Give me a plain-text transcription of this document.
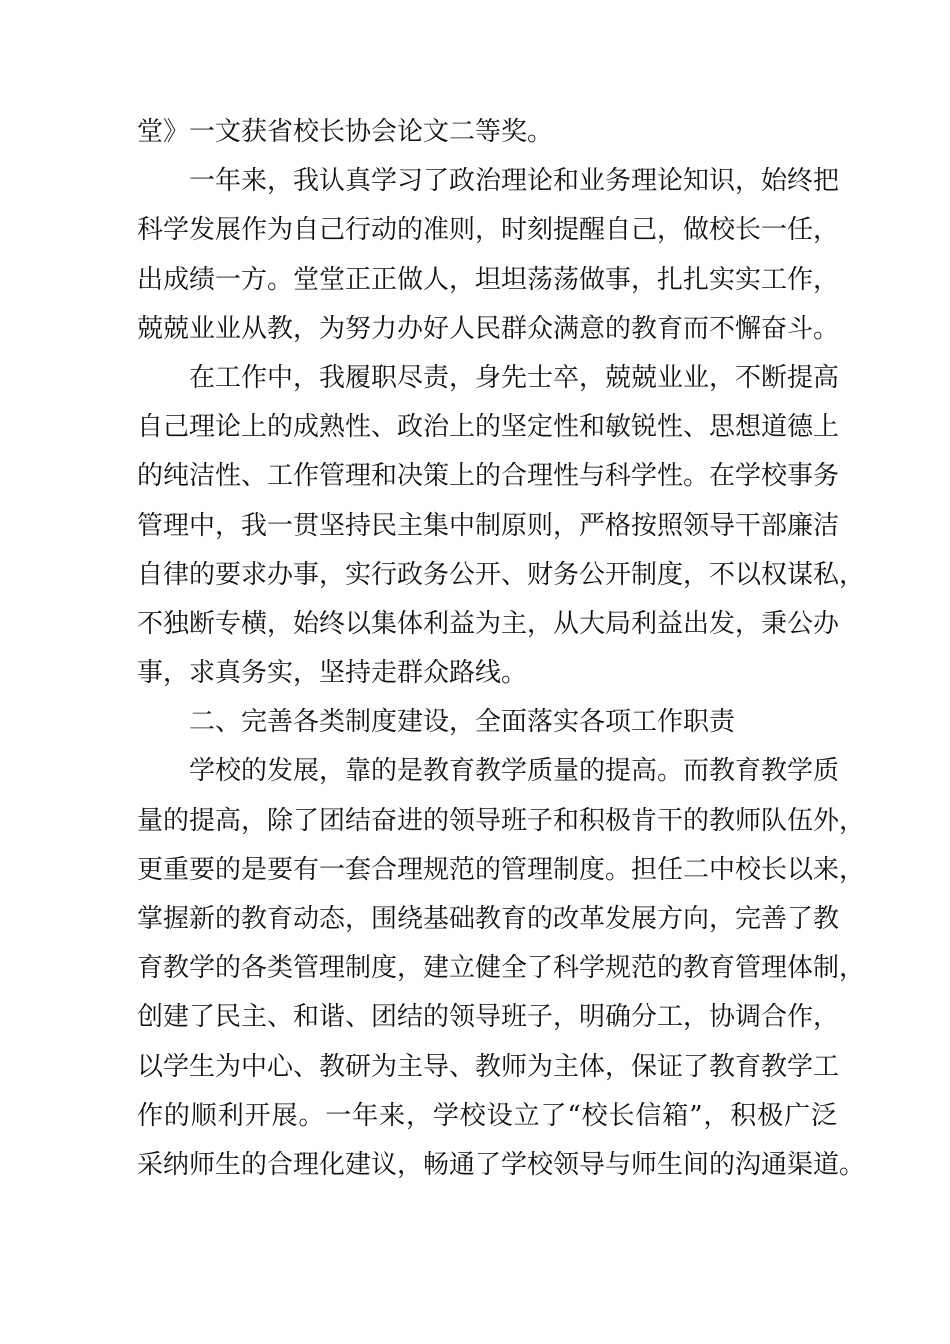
堂》一文获省校长协会论文二等奖。
一年来，我认真学习了政治理论和业务理论知识，始终把
科学发展作为自己行动的准则，时刻提醒自己，做校长一任，
出成绩一方。堂堂正正做人，坦坦荡荡做事，扎扎实实工作，
兢兢业业从教，为努力办好人民群众满意的教育而不懈奋斗。
在工作中，我履职尽责，身先士卒，兢兢业业，不断提高
自己理论上的成熟性、政治上的坚定性和敏锐性、思想道德上
的纯洁性、工作管理和决策上的合理性与科学性。在学校事务
管理中，我一贯坚持民主集中制原则，严格按照领导干部廉洁
自律的要求办事，实行政务公开、财务公开制度，不以权谋私，
不独断专横，始终以集体利益为主，从大局利益出发，秉公办
事，求真务实，坚持走群众路线。
二、完善各类制度建设，全面落实各项工作职责
学校的发展，靠的是教育教学质量的提高。而教育教学质
量的提高，除了团结奋进的领导班子和积极肯干的教师队伍外，
更重要的是要有一套合理规范的管理制度。担任二中校长以来，
掌握新的教育动态，围绕基础教育的改革发展方向，完善了教
育教学的各类管理制度，建立健全了科学规范的教育管理体制，
创建了民主、和谐、团结的领导班子，明确分工，协调合作，
以学生为中心、教研为主导、教师为主体，保证了教育教学工
作的顺利开展。一年来，学校设立了“校长信箱”，积极广泛
采纳师生的合理化建议，畅通了学校领导与师生间的沟通渠道。
